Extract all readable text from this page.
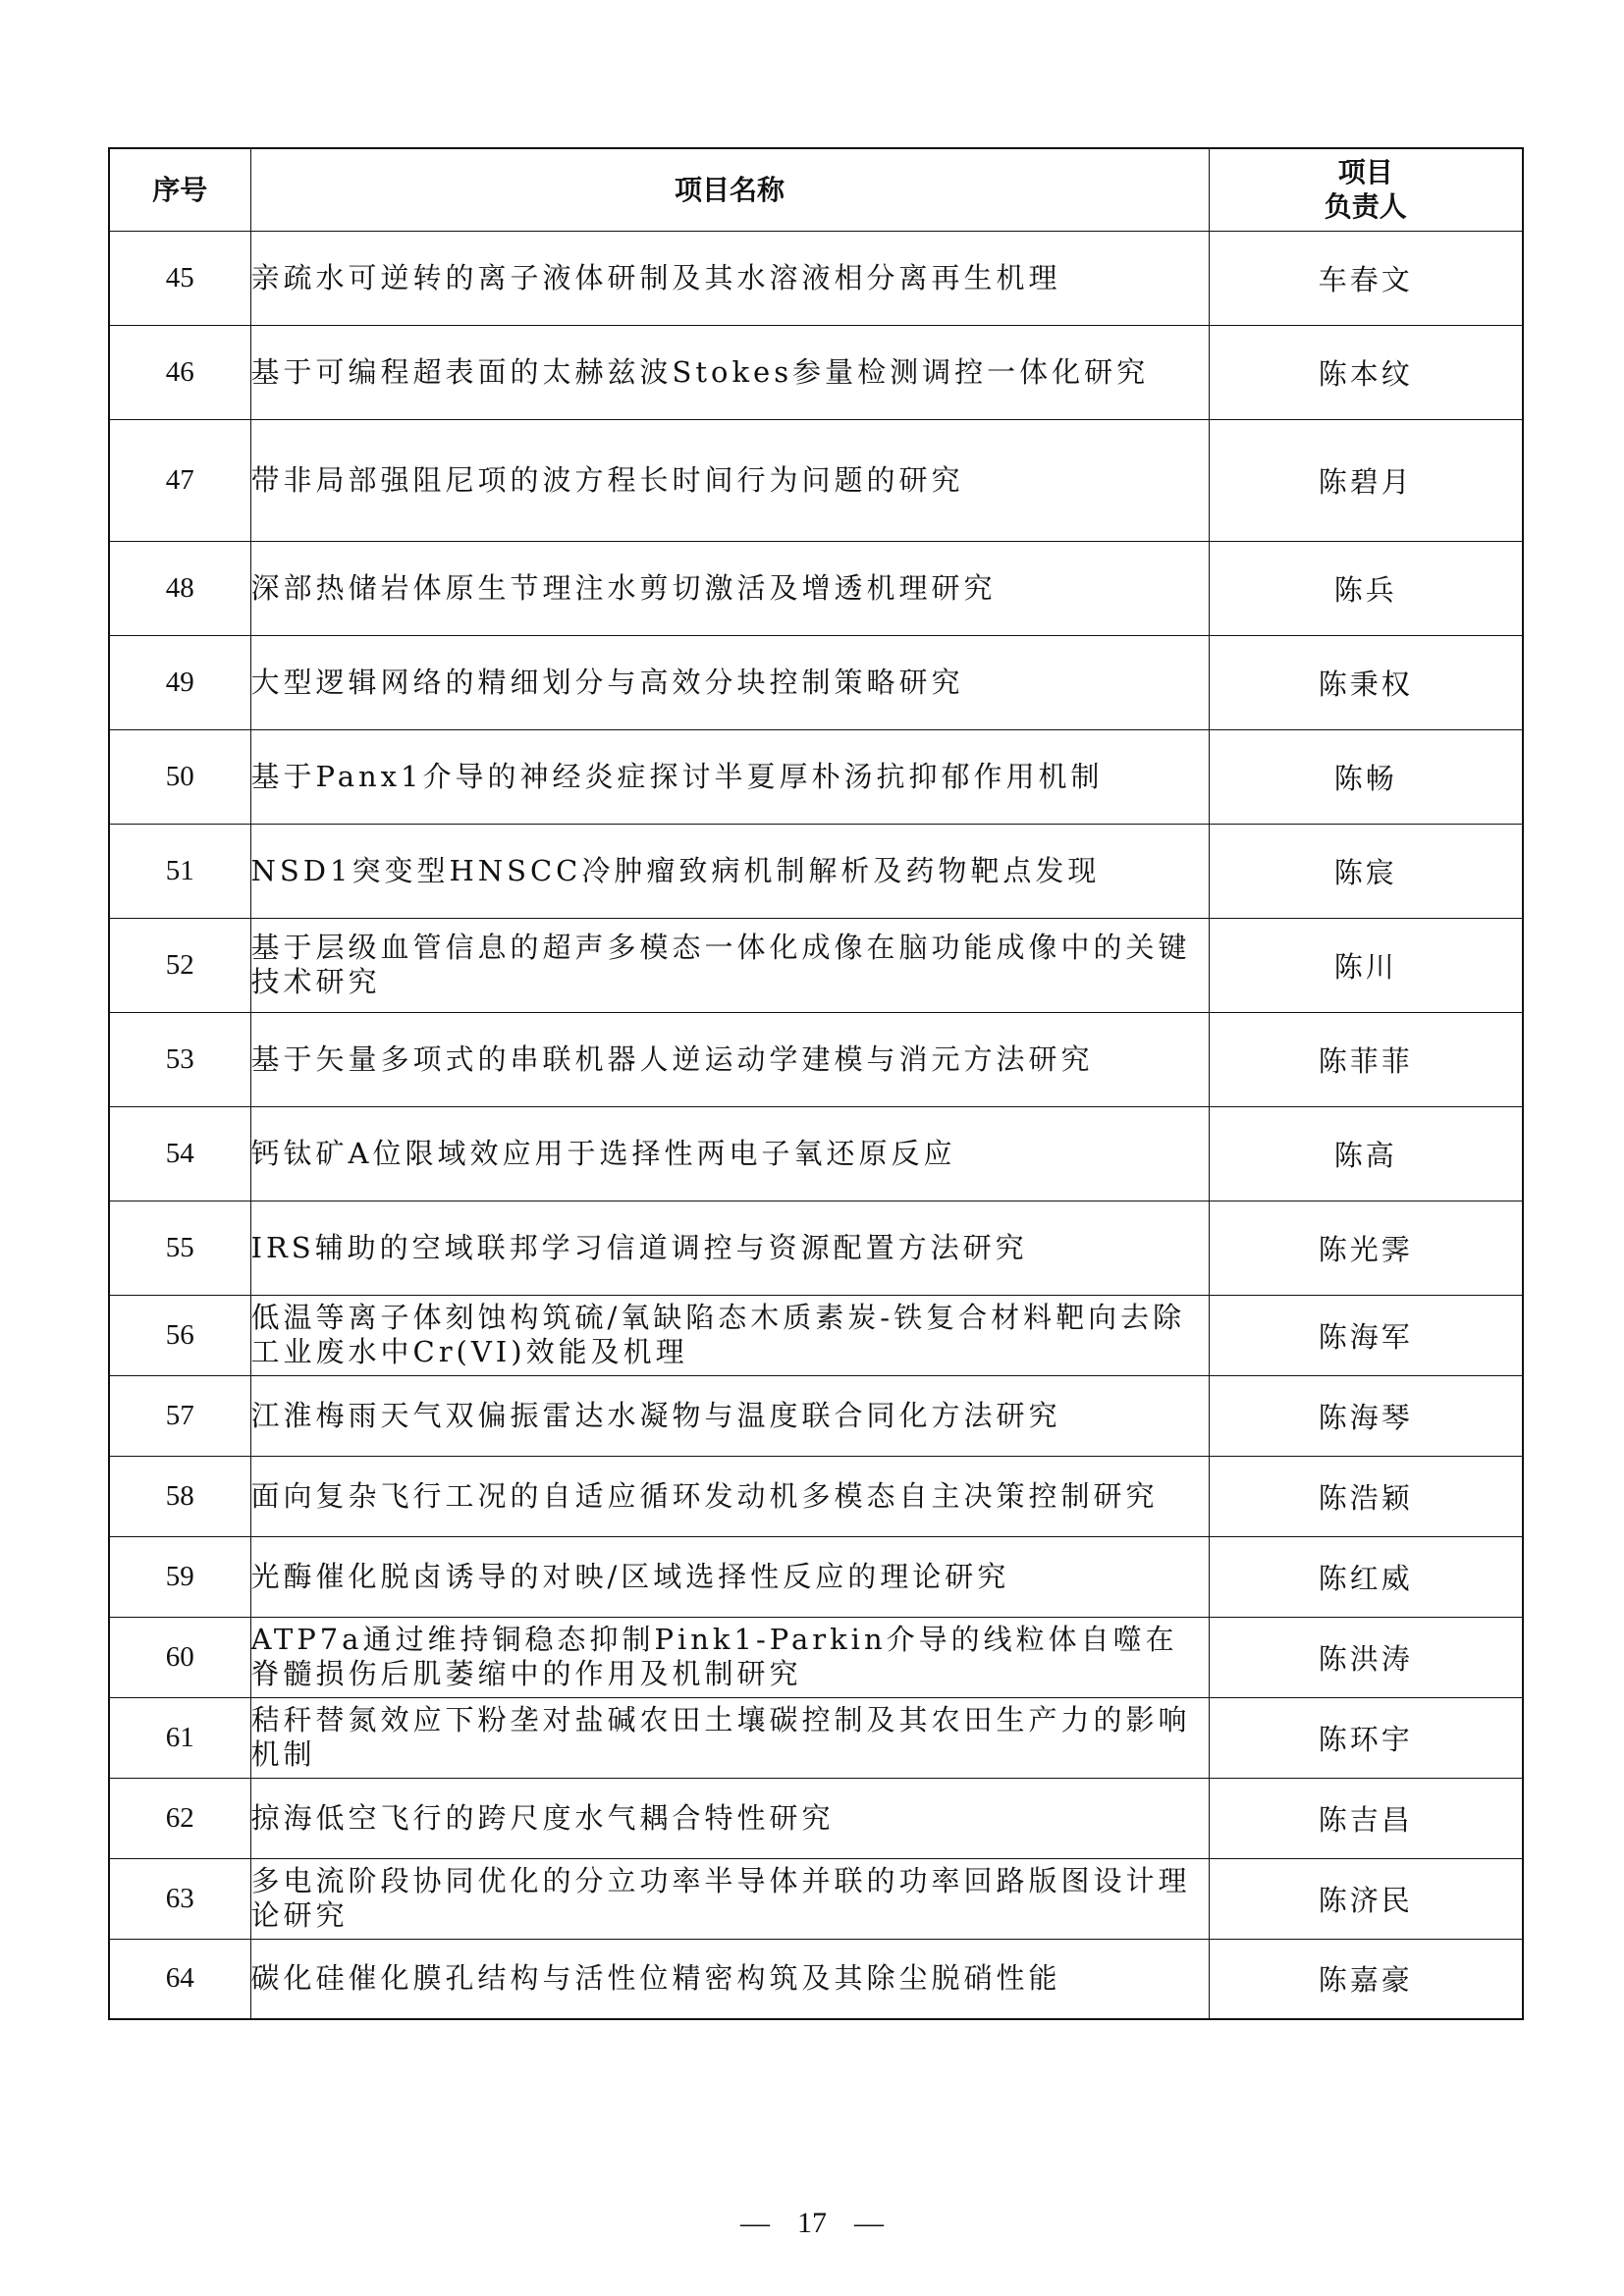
序号	项目名称	项目
负责人

45	亲疏水可逆转的离子液体研制及其水溶液相分离再生机理	车春文
46	基于可编程超表面的太赫兹波Stokes参量检测调控一体化研究	陈本纹
47	带非局部强阻尼项的波方程长时间行为问题的研究	陈碧月
48	深部热储岩体原生节理注水剪切激活及增透机理研究	陈兵
49	大型逻辑网络的精细划分与高效分块控制策略研究	陈秉权
50	基于Panx1介导的神经炎症探讨半夏厚朴汤抗抑郁作用机制	陈畅
51	NSD1突变型HNSCC冷肿瘤致病机制解析及药物靶点发现	陈宸
52	基于层级血管信息的超声多模态一体化成像在脑功能成像中的关键技术研究	陈川
53	基于矢量多项式的串联机器人逆运动学建模与消元方法研究	陈菲菲
54	钙钛矿A位限域效应用于选择性两电子氧还原反应	陈高
55	IRS辅助的空域联邦学习信道调控与资源配置方法研究	陈光霁
56	低温等离子体刻蚀构筑硫/氧缺陷态木质素炭-铁复合材料靶向去除工业废水中Cr(VI)效能及机理	陈海军
57	江淮梅雨天气双偏振雷达水凝物与温度联合同化方法研究	陈海琴
58	面向复杂飞行工况的自适应循环发动机多模态自主决策控制研究	陈浩颖
59	光酶催化脱卤诱导的对映/区域选择性反应的理论研究	陈红威
60	ATP7a通过维持铜稳态抑制Pink1-Parkin介导的线粒体自噬在脊髓损伤后肌萎缩中的作用及机制研究	陈洪涛
61	秸秆替氮效应下粉垄对盐碱农田土壤碳控制及其农田生产力的影响机制	陈环宇
62	掠海低空飞行的跨尺度水气耦合特性研究	陈吉昌
63	多电流阶段协同优化的分立功率半导体并联的功率回路版图设计理论研究	陈济民
64	碳化硅催化膜孔结构与活性位精密构筑及其除尘脱硝性能	陈嘉豪
— 17 —
